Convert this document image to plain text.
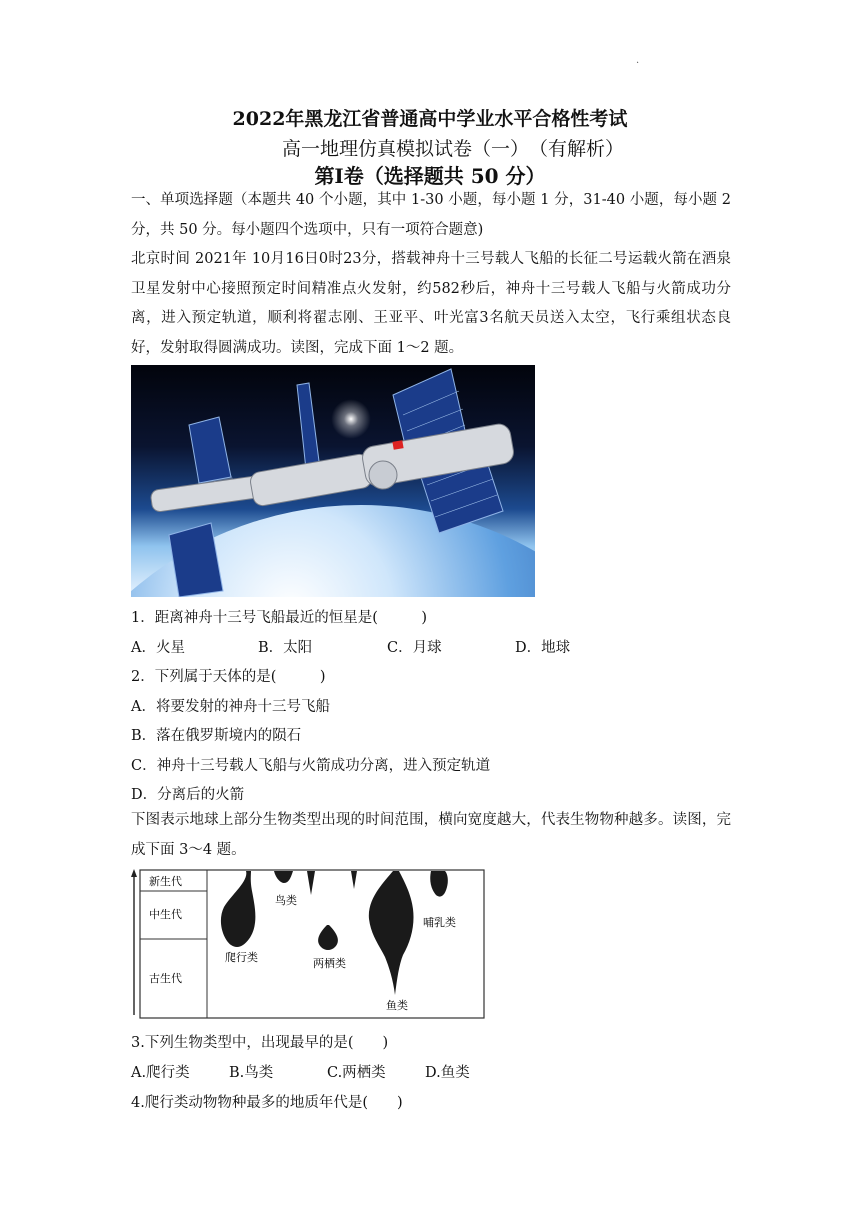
·
2022年黑龙江省普通高中学业水平合格性考试
高一地理仿真模拟试卷（一）　（有解析）
第Ⅰ卷（选择题共 50 分）
一、单项选择题（本题共 40 个小题，其中 1-30 小题，每小题 1 分，31-40 小题，每小题 2 分，共 50 分。每小题四个选项中，只有一项符合题意)
北京时间 2021年 10月16日0时23分，搭载神舟十三号载人飞船的长征二号运载火箭在酒泉卫星发射中心接照预定时间精准点火发射，约582秒后，神舟十三号载人飞船与火箭成功分离，进入预定轨道，顺利将翟志刚、王亚平、叶光富3名航天员送入太空，飞行乘组状态良好，发射取得圆满成功。读图，完成下面 1～2 题。
1．距离神舟十三号飞船最近的恒星是(　　　)
A．火星	B．太阳	C．月球	D．地球
2．下列属于天体的是(　　　)
A．将要发射的神舟十三号飞船
B．落在俄罗斯境内的陨石
C．神舟十三号载人飞船与火箭成功分离，进入预定轨道
D．分离后的火箭
下图表示地球上部分生物类型出现的时间范围，横向宽度越大，代表生物物种越多。读图，完成下面 3～4 题。
新生代
中生代
古生代
鸟类
哺乳类
爬行类	两栖类
鱼类
3.下列生物类型中，出现最早的是(　　)
A.爬行类	B.鸟类	C.两栖类	D.鱼类
4.爬行类动物物种最多的地质年代是(　　)
